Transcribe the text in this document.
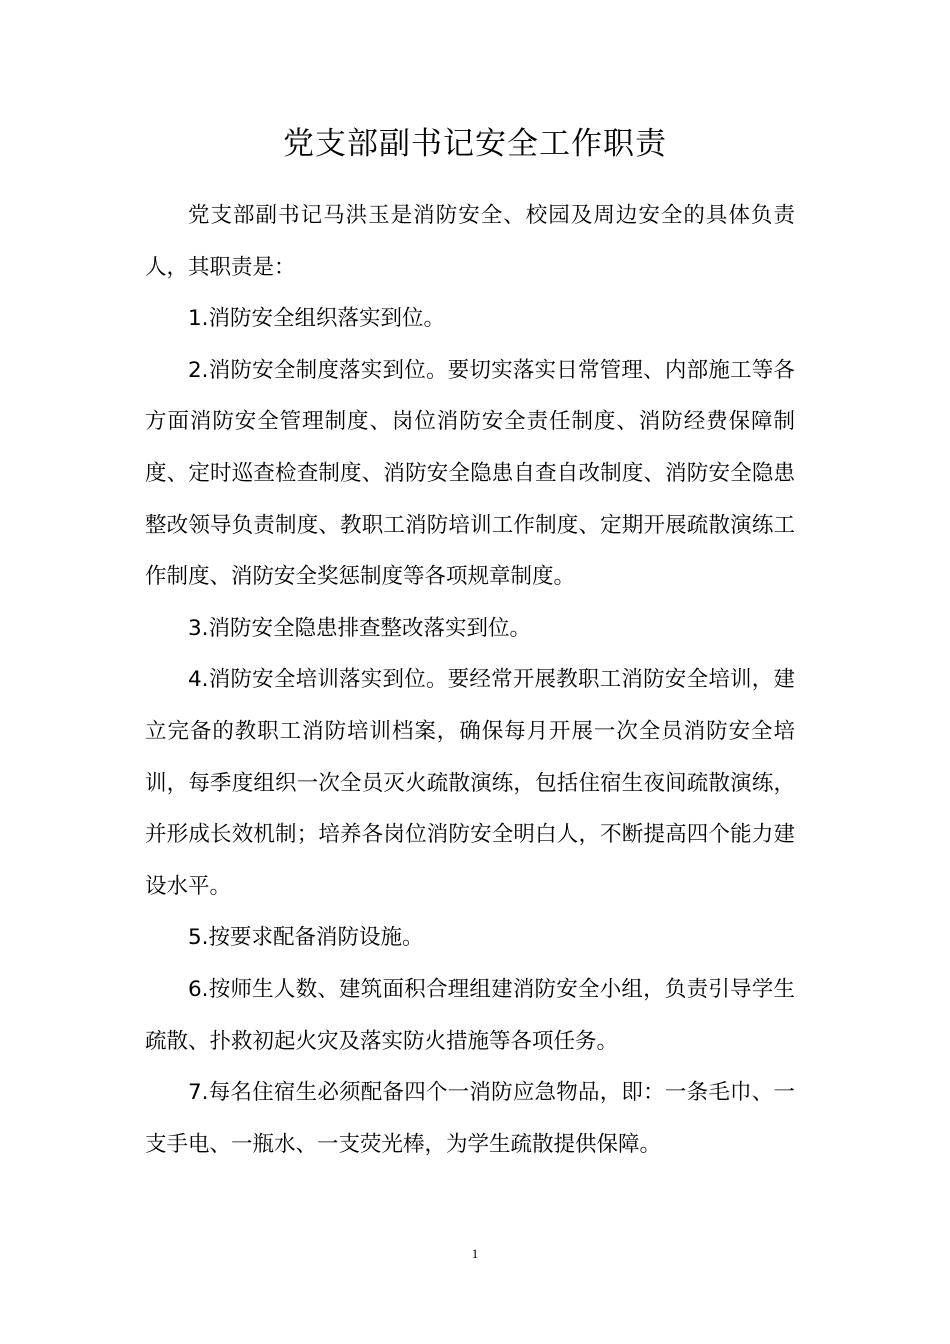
党支部副书记安全工作职责

党支部副书记马洪玉是消防安全、校园及周边安全的具体负责人，其职责是：

1.消防安全组织落实到位。

2.消防安全制度落实到位。要切实落实日常管理、内部施工等各方面消防安全管理制度、岗位消防安全责任制度、消防经费保障制度、定时巡查检查制度、消防安全隐患自查自改制度、消防安全隐患整改领导负责制度、教职工消防培训工作制度、定期开展疏散演练工作制度、消防安全奖惩制度等各项规章制度。

3.消防安全隐患排查整改落实到位。

4.消防安全培训落实到位。要经常开展教职工消防安全培训，建立完备的教职工消防培训档案，确保每月开展一次全员消防安全培训，每季度组织一次全员灭火疏散演练，包括住宿生夜间疏散演练，并形成长效机制；培养各岗位消防安全明白人，不断提高四个能力建设水平。

5.按要求配备消防设施。

6.按师生人数、建筑面积合理组建消防安全小组，负责引导学生疏散、扑救初起火灾及落实防火措施等各项任务。

7.每名住宿生必须配备四个一消防应急物品，即：一条毛巾、一支手电、一瓶水、一支荧光棒，为学生疏散提供保障。

1
